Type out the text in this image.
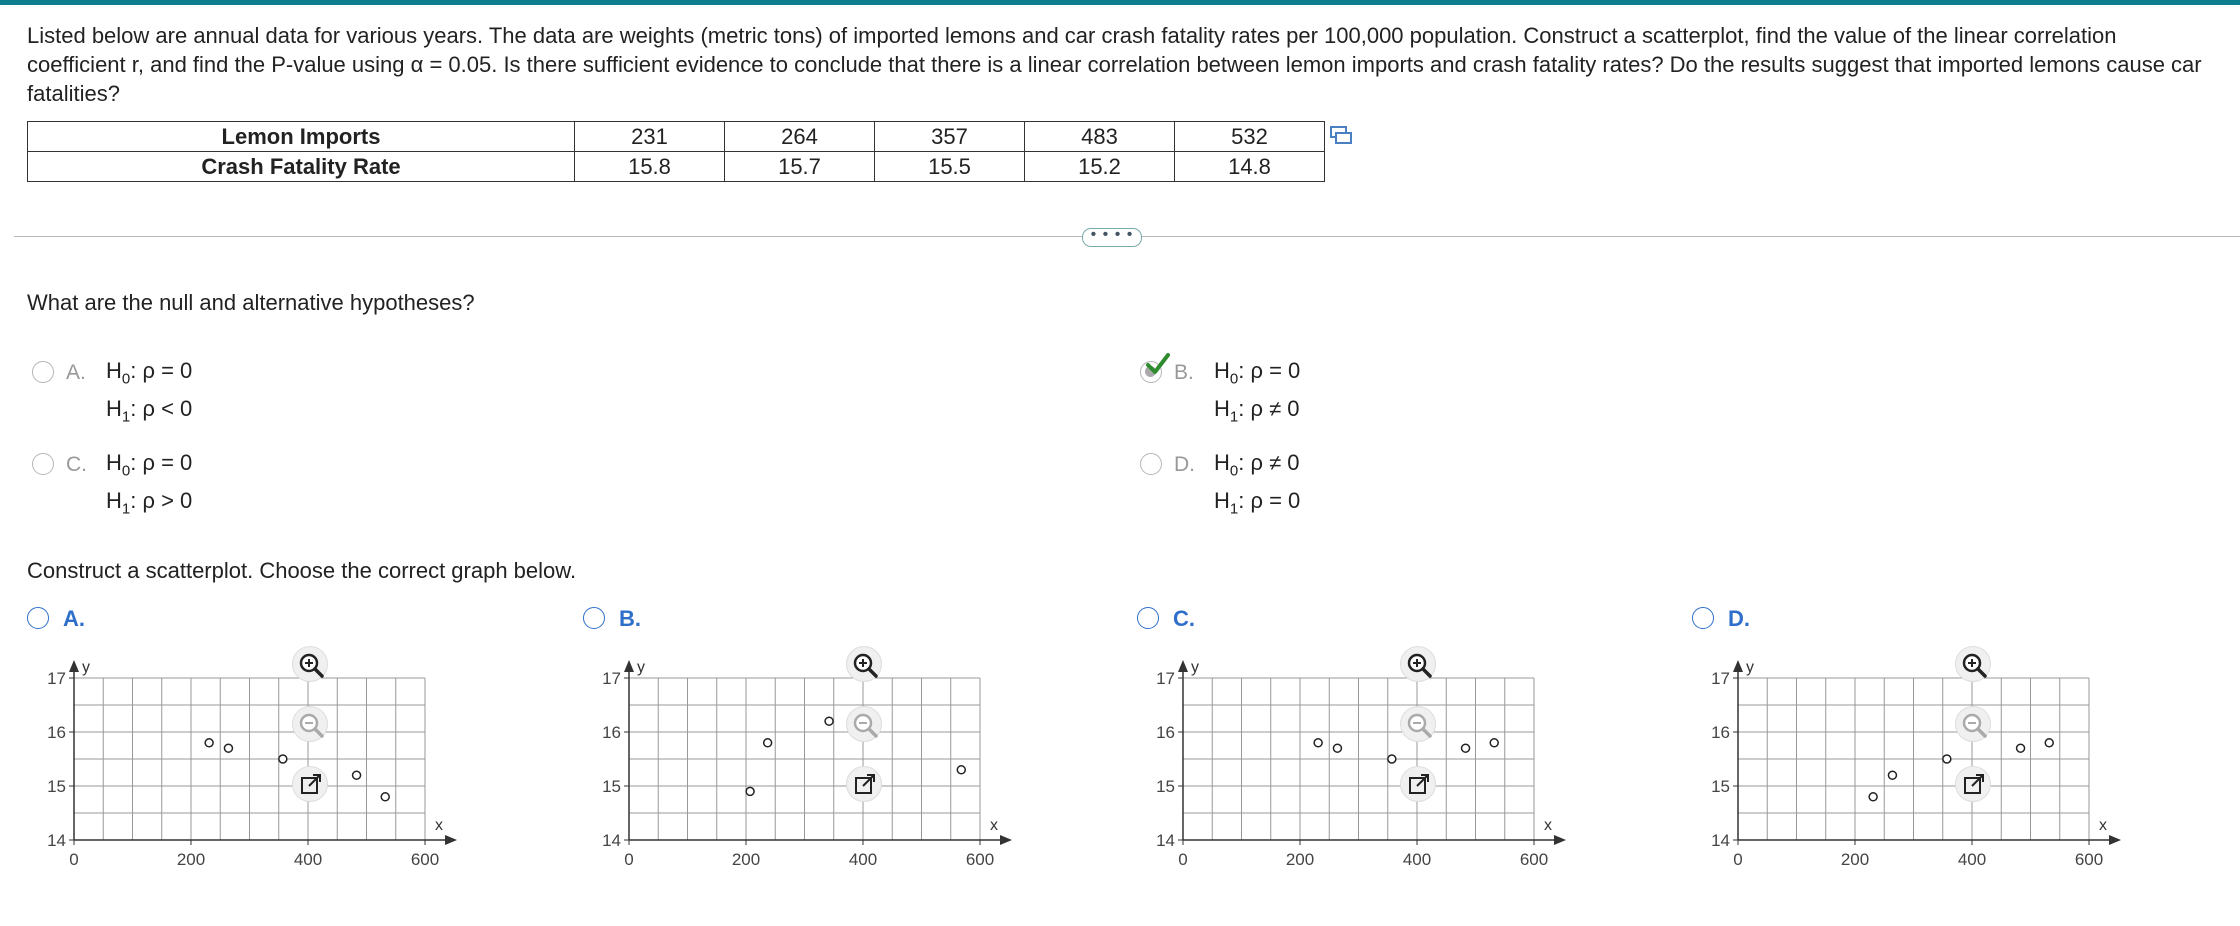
Listed below are annual data for various years. The data are weights (metric tons) of imported lemons and car crash fatality rates per 100,000 population. Construct a scatterplot, find the value of the linear correlation coefficient r, and find the P-value using α = 0.05. Is there sufficient evidence to conclude that there is a linear correlation between lemon imports and crash fatality rates? Do the results suggest that imported lemons cause car fatalities?
Lemon Imports	231	264	357	483	532
Crash Fatality Rate	15.8	15.7	15.5	15.2	14.8
• • • •
What are the null and alternative hypotheses?
A. $H_0$: ρ = 0
$H_1$: ρ < 0
B. $H_0$: ρ = 0
$H_1$: ρ ≠ 0
C. $H_0$: ρ = 0
$H_1$: ρ > 0
D. $H_0$: ρ ≠ 0
$H_1$: ρ = 0
Construct a scatterplot. Choose the correct graph below.
A.	B.	C.	D.
x
y
14
15
16
17
0	200	400	600
x
y
14
15
16
17
0	200	400	600
x
y
14
15
16
17
0	200	400	600
x
y
14
15
16
17
0	200	400	600
